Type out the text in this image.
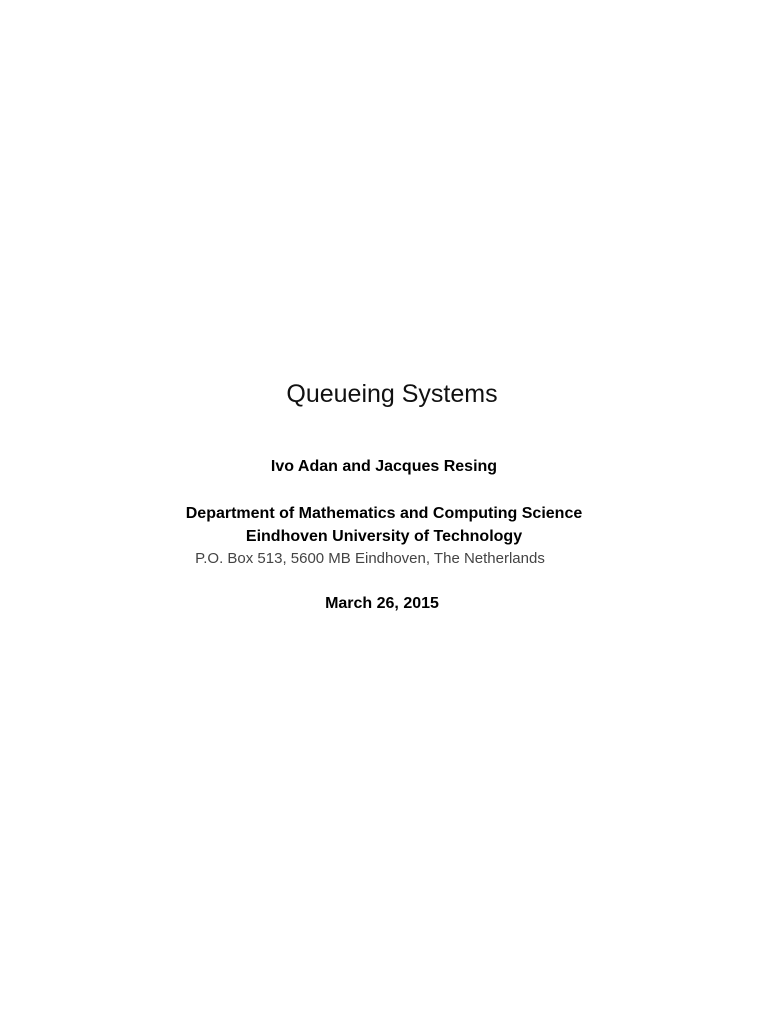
Queueing Systems

Ivo Adan and Jacques Resing

Department of Mathematics and Computing Science

Eindhoven University of Technology

P.O. Box 513, 5600 MB Eindhoven, The Netherlands

March 26, 2015
